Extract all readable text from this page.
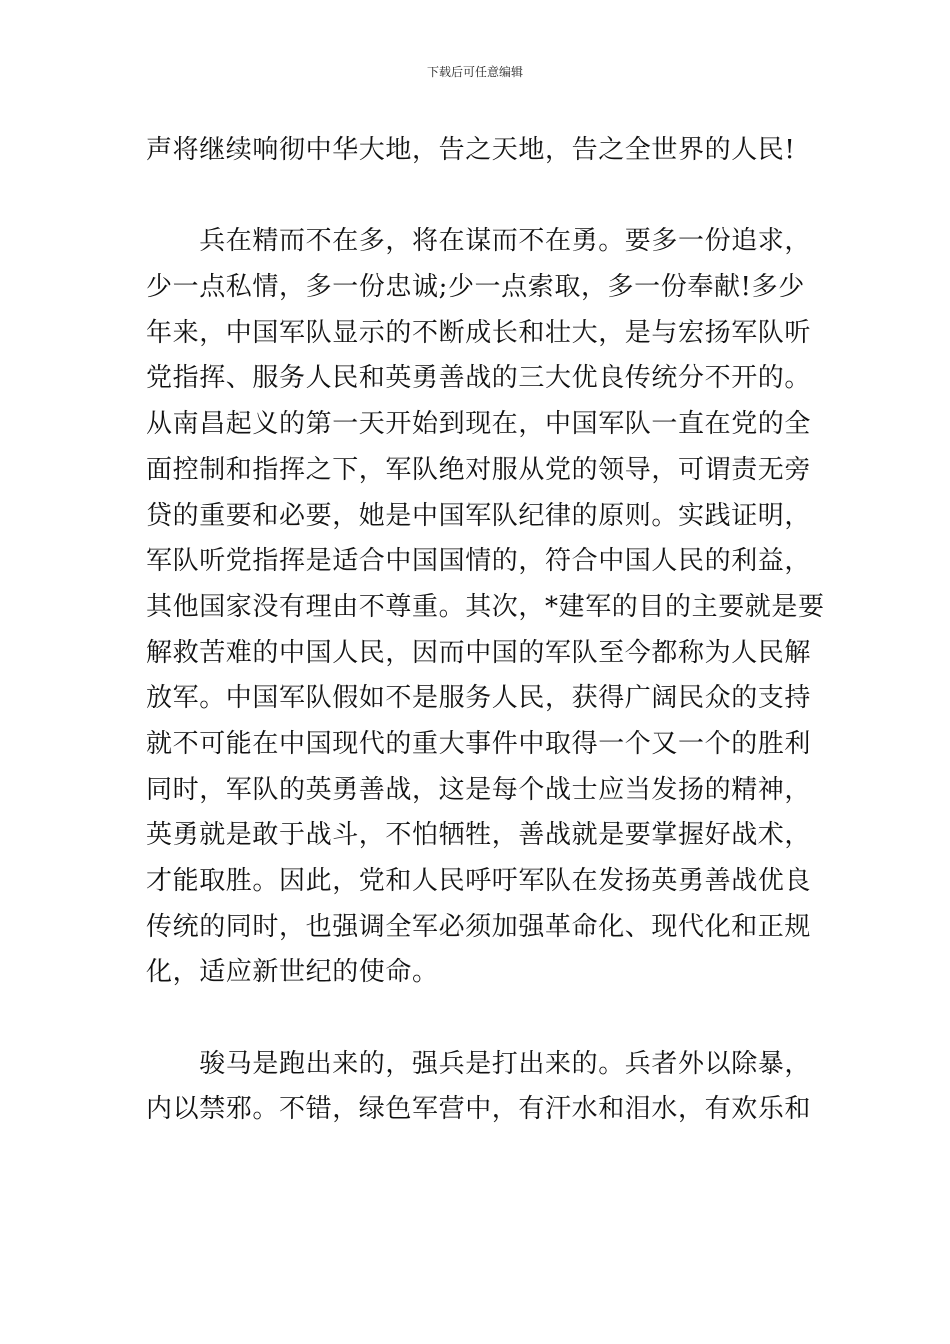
下载后可任意编辑
声将继续响彻中华大地，告之天地，告之全世界的人民!
　　兵在精而不在多，将在谋而不在勇。要多一份追求，
少一点私情，多一份忠诚;少一点索取，多一份奉献!多少
年来，中国军队显示的不断成长和壮大，是与宏扬军队听
党指挥、服务人民和英勇善战的三大优良传统分不开的。
从南昌起义的第一天开始到现在，中国军队一直在党的全
面控制和指挥之下，军队绝对服从党的领导，可谓责无旁
贷的重要和必要，她是中国军队纪律的原则。实践证明，
军队听党指挥是适合中国国情的，符合中国人民的利益，
其他国家没有理由不尊重。其次，*建军的目的主要就是要
解救苦难的中国人民，因而中国的军队至今都称为人民解
放军。中国军队假如不是服务人民，获得广阔民众的支持
就不可能在中国现代的重大事件中取得一个又一个的胜利
同时，军队的英勇善战，这是每个战士应当发扬的精神，
英勇就是敢于战斗，不怕牺牲，善战就是要掌握好战术，
才能取胜。因此，党和人民呼吁军队在发扬英勇善战优良
传统的同时，也强调全军必须加强革命化、现代化和正规
化，适应新世纪的使命。
　　骏马是跑出来的，强兵是打出来的。兵者外以除暴，
内以禁邪。不错，绿色军营中，有汗水和泪水，有欢乐和
